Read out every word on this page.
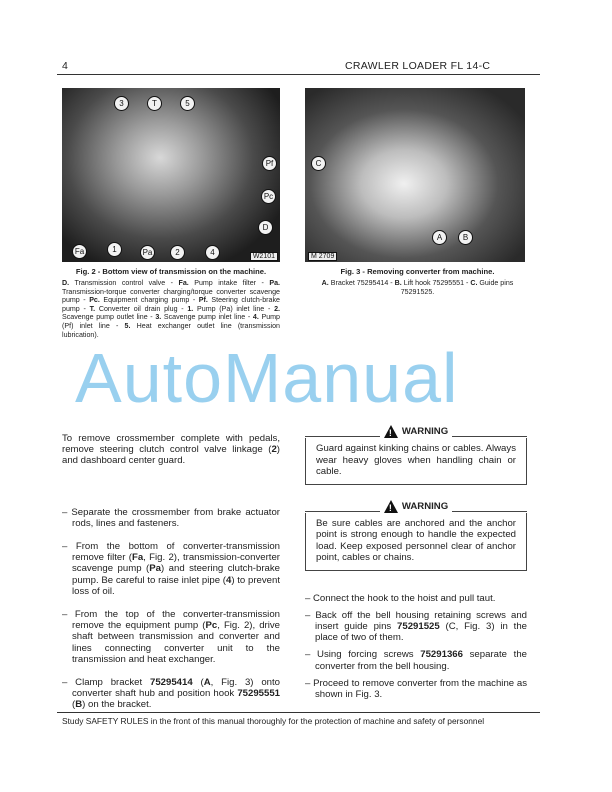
4	CRAWLER LOADER FL 14-C
3	T	5
Pf
Pc
D
Fa	1	Pa	2	4	W2101
Fig. 2 - Bottom view of transmission on the machine.
D. Transmission control valve - Fa. Pump intake filter - Pa. Transmission-torque converter charging/torque converter scavenge pump - Pc. Equipment charging pump - Pf. Steering clutch-brake pump - T. Converter oil drain plug - 1. Pump (Pa) inlet line - 2. Scavenge pump outlet line - 3. Scavenge pump inlet line - 4. Pump (Pf) inlet line - 5. Heat exchanger outlet line (transmission lubrication).
C
A	B
M 2709
Fig. 3 - Removing converter from machine.
A. Bracket 75295414 - B. Lift hook 75295551 - C. Guide pins 75291525.
AutoManual
To remove crossmember complete with pedals, remove steering clutch control valve linkage (2) and dashboard center guard.
– Separate the crossmember from brake actuator rods, lines and fasteners.
– From the bottom of converter-transmission remove filter (Fa, Fig. 2), transmission-converter scavenge pump (Pa) and steering clutch-brake pump. Be careful to raise inlet pipe (4) to prevent loss of oil.
– From the top of the converter-transmission remove the equipment pump (Pc, Fig. 2), drive shaft between transmission and converter and lines connecting converter unit to the transmission and heat exchanger.
– Clamp bracket 75295414 (A, Fig. 3) onto converter shaft hub and position hook 75295551 (B) on the bracket.
!
WARNING
Guard against kinking chains or cables. Always wear heavy gloves when handling chain or cable.
!
WARNING
Be sure cables are anchored and the anchor point is strong enough to handle the expected load. Keep exposed personnel clear of anchor point, cables or chains.
– Connect the hook to the hoist and pull taut.
– Back off the bell housing retaining screws and insert guide pins 75291525 (C, Fig. 3) in the place of two of them.
– Using forcing screws 75291366 separate the converter from the bell housing.
– Proceed to remove converter from the machine as shown in Fig. 3.
Study SAFETY RULES in the front of this manual thoroughly for the protection of machine and safety of personnel
